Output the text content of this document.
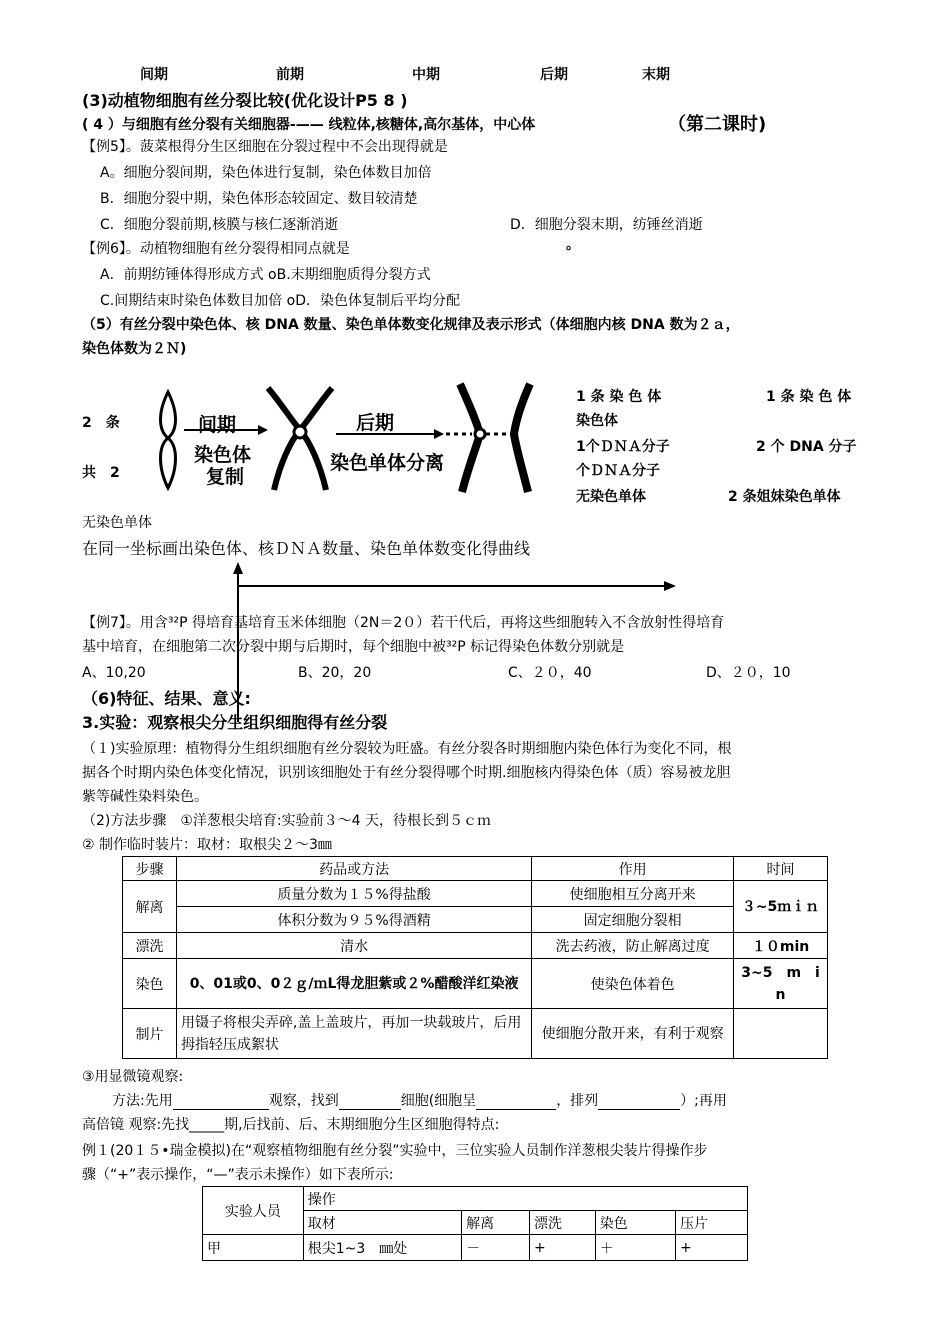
间期	前期	中期	后期	末期
(3)动植物细胞有丝分裂比较(优化设计P5 8 )
( 4 ）与细胞有丝分裂有关细胞器-—— 线粒体,核糖体,高尔基体，中心体	（第二课时)
【例5】。菠菜根得分生区细胞在分裂过程中不会出现得就是
A。细胞分裂间期，染色体进行复制，染色体数目加倍
B．细胞分裂中期，染色体形态较固定、数目较清楚
C．细胞分裂前期,核膜与核仁逐渐消逝	D．细胞分裂末期，纺锤丝消逝
【例6】。动植物细胞有丝分裂得相同点就是	。
A．前期纺锤体得形成方式 oB.末期细胞质得分裂方式
C.间期结束时染色体数目加倍 oD．染色体复制后平均分配
（5）有丝分裂中染色体、核 DNA 数量、染色单体数变化规律及表示形式（体细胞内核 DNA 数为２ａ，
染色体数为２Ｎ)
2　条
共　2
间期
染色体
复制
后期
染色单体分离
1 条 染 色 体	1 条 染 色 体
染色体
1个ＤＮＡ分子	2 个 DNA 分子
个ＤＮＡ分子
无染色单体	2 条姐妹染色单体
无染色单体
在同一坐标画出染色体、核ＤＮＡ数量、染色单体数变化得曲线
【例7】。用含³²P 得培育基培育玉米体细胞（2N＝2０）若干代后，再将这些细胞转入不含放射性得培育
基中培育，在细胞第二次分裂中期与后期时，每个细胞中被³²P 标记得染色体数分别就是
A、10,20	B、20，20	C、２０，40	D、２０，10
（6)特征、结果、意义:
3.实验：观察根尖分生组织细胞得有丝分裂
（１)实验原理：植物得分生组织细胞有丝分裂较为旺盛。有丝分裂各时期细胞内染色体行为变化不同，根
据各个时期内染色体变化情况，识别该细胞处于有丝分裂得哪个时期.细胞核内得染色体（质）容易被龙胆
紫等碱性染料染色。
（2)方法步骤　①洋葱根尖培育:实验前３～4 天，待根长到５ｃｍ
② 制作临时装片：取材：取根尖２～3㎜
步骤	药品或方法	作用	时间
解离	质量分数为１５%得盐酸	使细胞相互分离开来	３~5ｍｉｎ
	体积分数为９５%得酒精	固定细胞分裂相	
漂洗	清水	洗去药液，防止解离过度	１０min
染色	0、01或0、0２ｇ/ｍL得龙胆紫或２%醋酸洋红染液	使染色体着色	3~5　m　i　n
制片	用镊子将根尖弄碎,盖上盖玻片，再加一块载玻片，后用拇指轻压成絮状	使细胞分散开来，有利于观察	
③用显微镜观察:
方法:先用	观察，找到	细胞(细胞呈	，排列	）;再用
高倍镜 观察:先找_____期,后找前、后、末期细胞分生区细胞得特点:
例１(20１５•瑞金模拟)在“观察植物细胞有丝分裂”实验中，三位实验人员制作洋葱根尖装片得操作步
骤（“+”表示操作，“—”表示未操作）如下表所示:
实验人员	操作				
	取材	解离	漂洗	染色	压片
甲	根尖1~3　㎜处	－	+	＋	+
